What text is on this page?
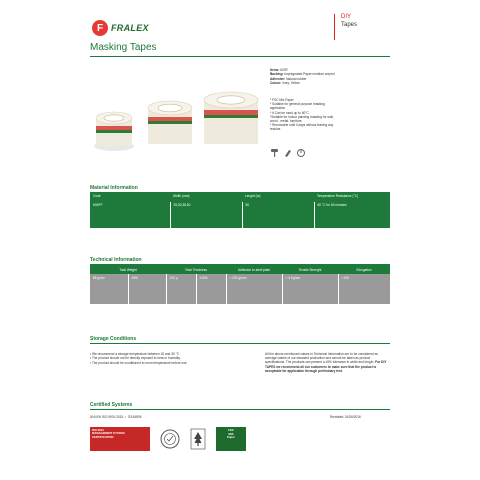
F FRALEX
DIY
Tapes
Masking Tapes
Items: 60SF
Backing: Impregnated Paper medium creped
Adhesive: Natural rubber
Colour: Ivory, Yellow
* FSC Mix Paper
* Suitable for general purpose masking
application
* It Can be used up to 60°C
*Suitable for indoor painting masking for wall,
wood , metal, furniture.
* Removable until 4 days without leaving any
residue
Material Information
Code	Width (mm)	Lenght (m)	Temperature Resistance (°C)
60SFF	25,30,38,50	50	60 °C for 60 minutes
Technical Information
Total Weight		Total Thickness		Adhesion to steel plate	Tensile Strenght	Elongation
85 gr/m²	±5%	120 µ	±10%	> 200 gr/cm	> 4 Kg/cm	> 6%
Storage Conditions
• We recommend a storage temperature between 18 and 30 °C
• The product should not be directly exposed to heat or humidity.
• The product should be conditioned to room temperature before use.
All the above-mentioned values in Technical Information are to be considered as average values of our standard production and cannot be taken as product specifications. The products can present a ±5% tolerance in width and length. For DIY TAPES we recommend all our customers to make sure that the product is acceptable for application through preliminary test.
Certified Systems
UNI-EN ISO 9001:2015 ✓ ITA16905	Revisited: 01/06/2016
ISO 9001
MANAGEMENT SYSTEM
CERTIFICATION
FSC
MIX
Paper
